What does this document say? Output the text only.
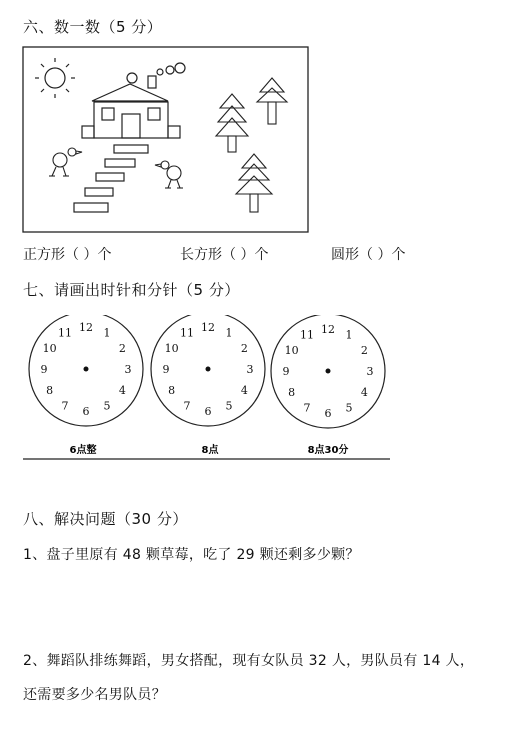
六、数一数（5 分）
正方形（ ）个	长方形（ ）个	圆形（ ）个
七、请画出时针和分针（5 分）
6点整	8点	8点30分
12 1
2
3
4
5
6
7
8
9
10
11	12 1
2
3
4
5
6
7
8
9
10
11	12 1
2
3
4
5
6
7
8
9
10
11
八、解决问题（30 分）
1、盘子里原有 48 颗草莓，吃了 29 颗还剩多少颗？
2、舞蹈队排练舞蹈，男女搭配，现有女队员 32 人，男队员有 14 人，
还需要多少名男队员？
